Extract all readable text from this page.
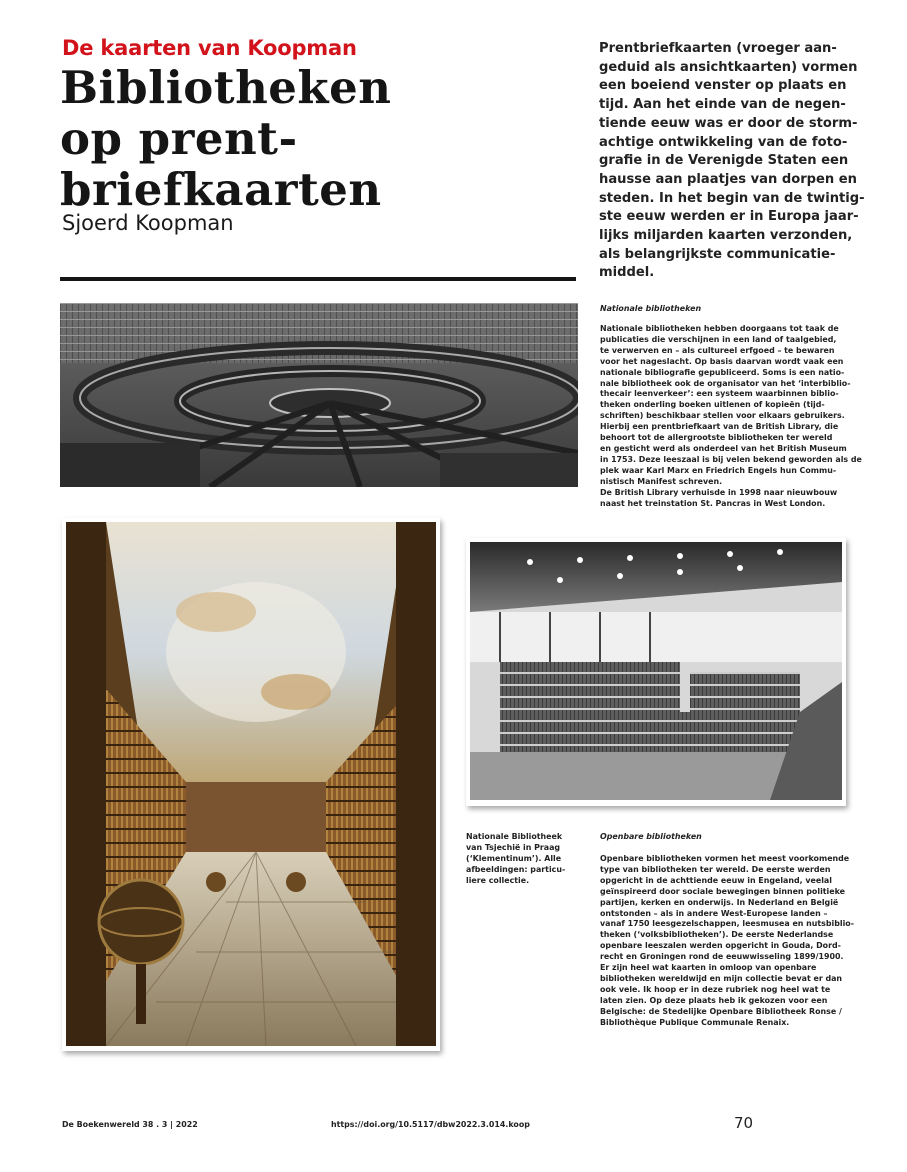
De kaarten van Koopman
Bibliotheken
op prent-
briefkaarten
Sjoerd Koopman
Prentbriefkaarten (vroeger aan-
geduid als ansichtkaarten) vormen
een boeiend venster op plaats en
tijd. Aan het einde van de negen-
tiende eeuw was er door de storm-
achtige ontwikkeling van de foto-
grafie in de Verenigde Staten een
hausse aan plaatjes van dorpen en
steden. In het begin van de twintig-
ste eeuw werden er in Europa jaar-
lijks miljarden kaarten verzonden,
als belangrijkste communicatie-
middel.
Nationale Bibliotheek
van Tsjechië in Praag
(‘Klementinum’). Alle
afbeeldingen: particu-
liere collectie.
Nationale bibliotheken
Nationale bibliotheken hebben doorgaans tot taak de
publicaties die verschijnen in een land of taalgebied,
te verwerven en – als cultureel erfgoed – te bewaren
voor het nageslacht. Op basis daarvan wordt vaak een
nationale bibliografie gepubliceerd. Soms is een natio-
nale bibliotheek ook de organisator van het ‘interbiblio-
thecair leenverkeer’: een systeem waarbinnen biblio-
theken onderling boeken uitlenen of kopieën (tijd-
schriften) beschikbaar stellen voor elkaars gebruikers.
Hierbij een prentbriefkaart van de British Library, die
behoort tot de allergrootste bibliotheken ter wereld
en gesticht werd als onderdeel van het British Museum
in 1753. Deze leeszaal is bij velen bekend geworden als de
plek waar Karl Marx en Friedrich Engels hun Commu-
nistisch Manifest schreven.
De British Library verhuisde in 1998 naar nieuwbouw
naast het treinstation St. Pancras in West London.
Openbare bibliotheken
Openbare bibliotheken vormen het meest voorkomende
type van bibliotheken ter wereld. De eerste werden
opgericht in de achttiende eeuw in Engeland, veelal
geïnspireerd door sociale bewegingen binnen politieke
partijen, kerken en onderwijs. In Nederland en België
ontstonden – als in andere West-Europese landen –
vanaf 1750 leesgezelschappen, leesmusea en nutsbiblio-
theken (‘volksbibliotheken’). De eerste Nederlandse
openbare leeszalen werden opgericht in Gouda, Dord-
recht en Groningen rond de eeuwwisseling 1899/1900.
Er zijn heel wat kaarten in omloop van openbare
bibliotheken wereldwijd en mijn collectie bevat er dan
ook vele. Ik hoop er in deze rubriek nog heel wat te
laten zien. Op deze plaats heb ik gekozen voor een
Belgische: de Stedelijke Openbare Bibliotheek Ronse /
Bibliothèque Publique Communale Renaix.
De Boekenwereld 38 . 3 | 2022	https://doi.org/10.5117/dbw2022.3.014.koop	70
